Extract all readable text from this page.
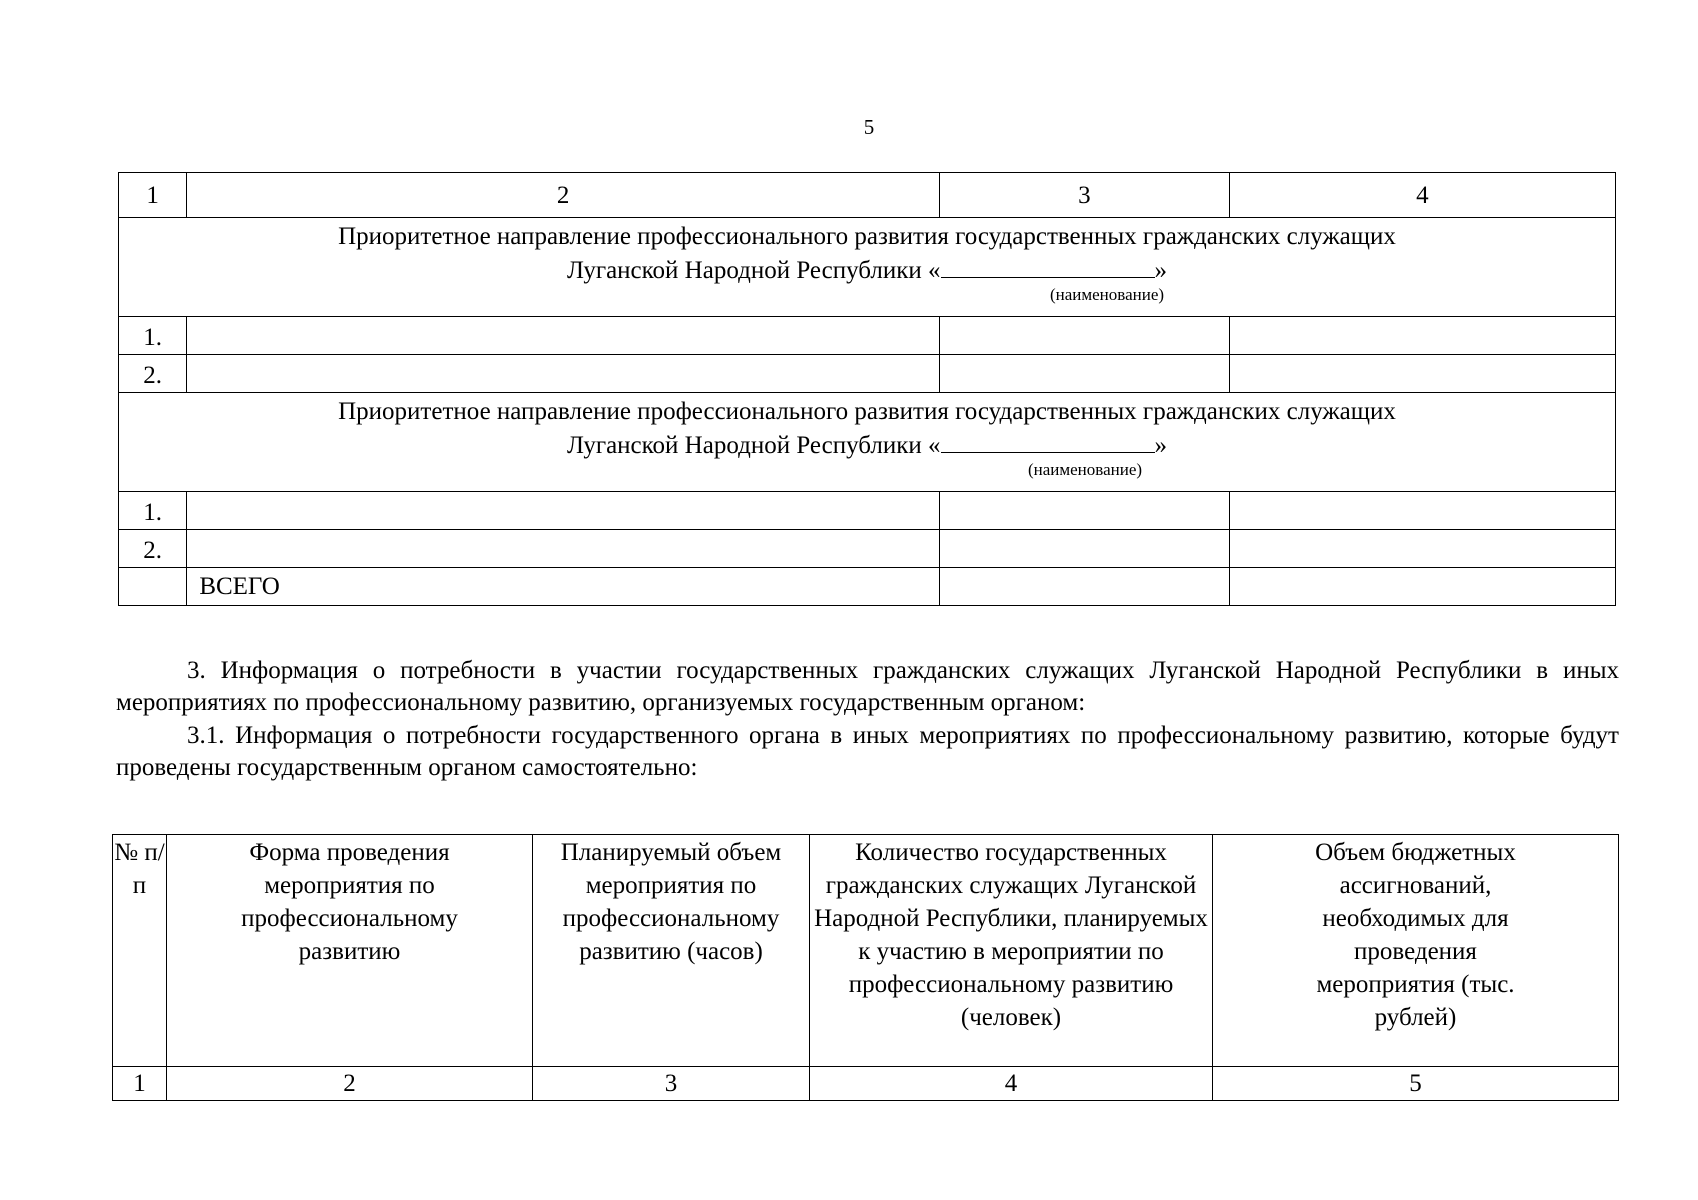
5
1	2	3	4

Приоритетное направление профессионального развития государственных гражданских служащих
Луганской Народной Республики « »
(наименование)			

1.			
2.			

Приоритетное направление профессионального развития государственных гражданских служащих
Луганской Народной Республики « »
(наименование)			

1.			
2.			
	ВСЕГО		
3. Информация о потребности в участии государственных гражданских служащих Луганской Народной Республики в иных мероприятиях по профессиональному развитию, организуемых государственным органом:
3.1. Информация о потребности государственного органа в иных мероприятиях по профессиональному развитию, которые будут проведены государственным органом самостоятельно:
№ п/п	Форма проведения мероприятия по профессиональному развитию	Планируемый объем мероприятия по профессиональному развитию (часов)	Количество государственных гражданских служащих Луганской Народной Республики, планируемых к участию в мероприятии по профессиональному развитию (человек)	Объем бюджетных ассигнований, необходимых для проведения мероприятия (тыс. рублей)
1	2	3	4	5
